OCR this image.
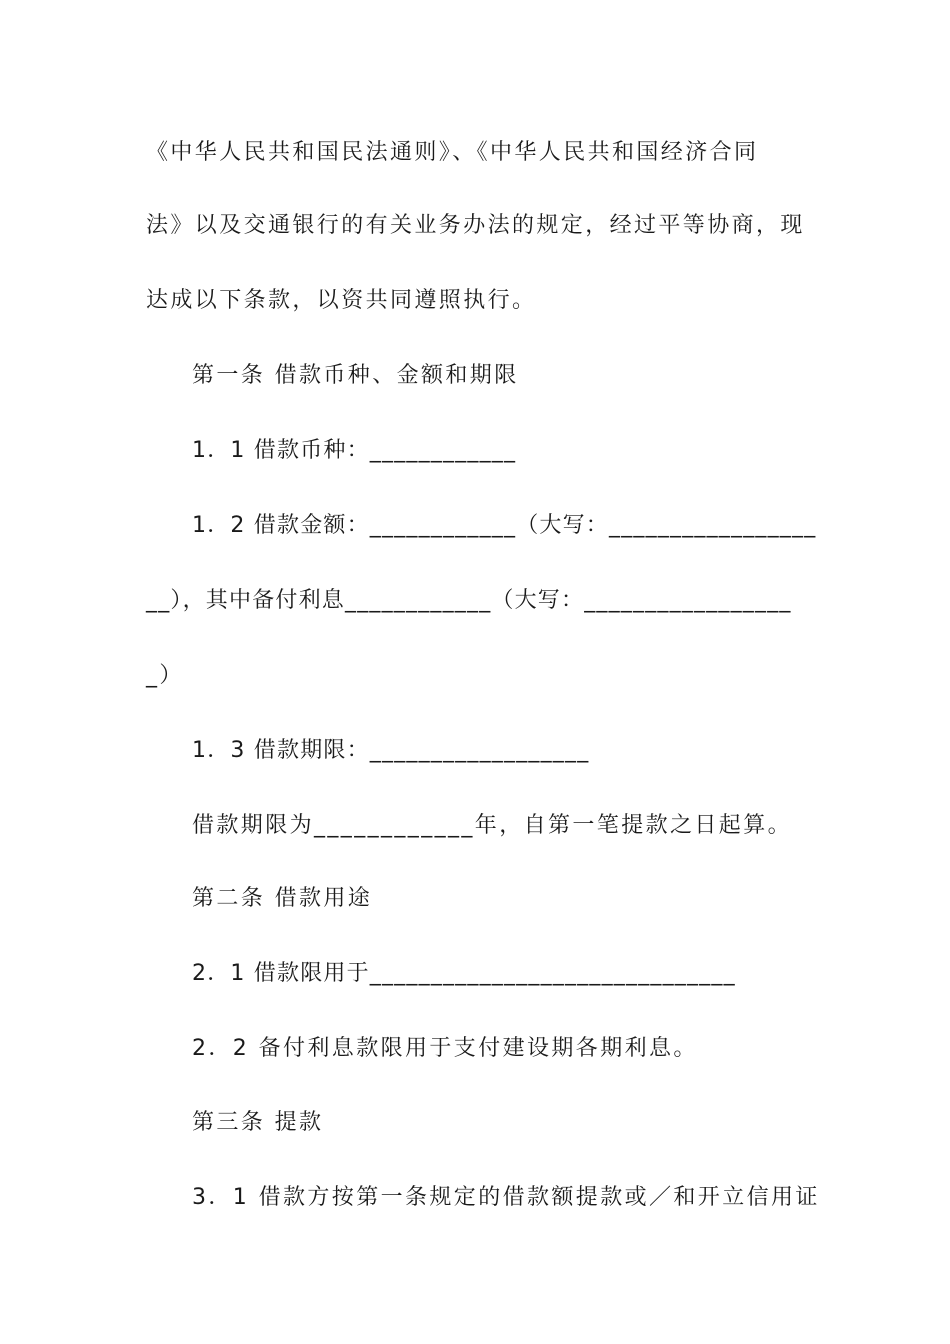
《中华人民共和国民法通则》、《中华人民共和国经济合同
法》以及交通银行的有关业务办法的规定，经过平等协商，现
达成以下条款，以资共同遵照执行。
第一条 借款币种、金额和期限
1．1 借款币种：____________
1．2 借款金额：____________（大写：_________________
__），其中备付利息____________（大写：_________________
_）
1．3 借款期限：__________________
借款期限为____________年，自第一笔提款之日起算。
第二条 借款用途
2．1 借款限用于______________________________
2．2 备付利息款限用于支付建设期各期利息。
第三条 提款
3．1 借款方按第一条规定的借款额提款或／和开立信用证
